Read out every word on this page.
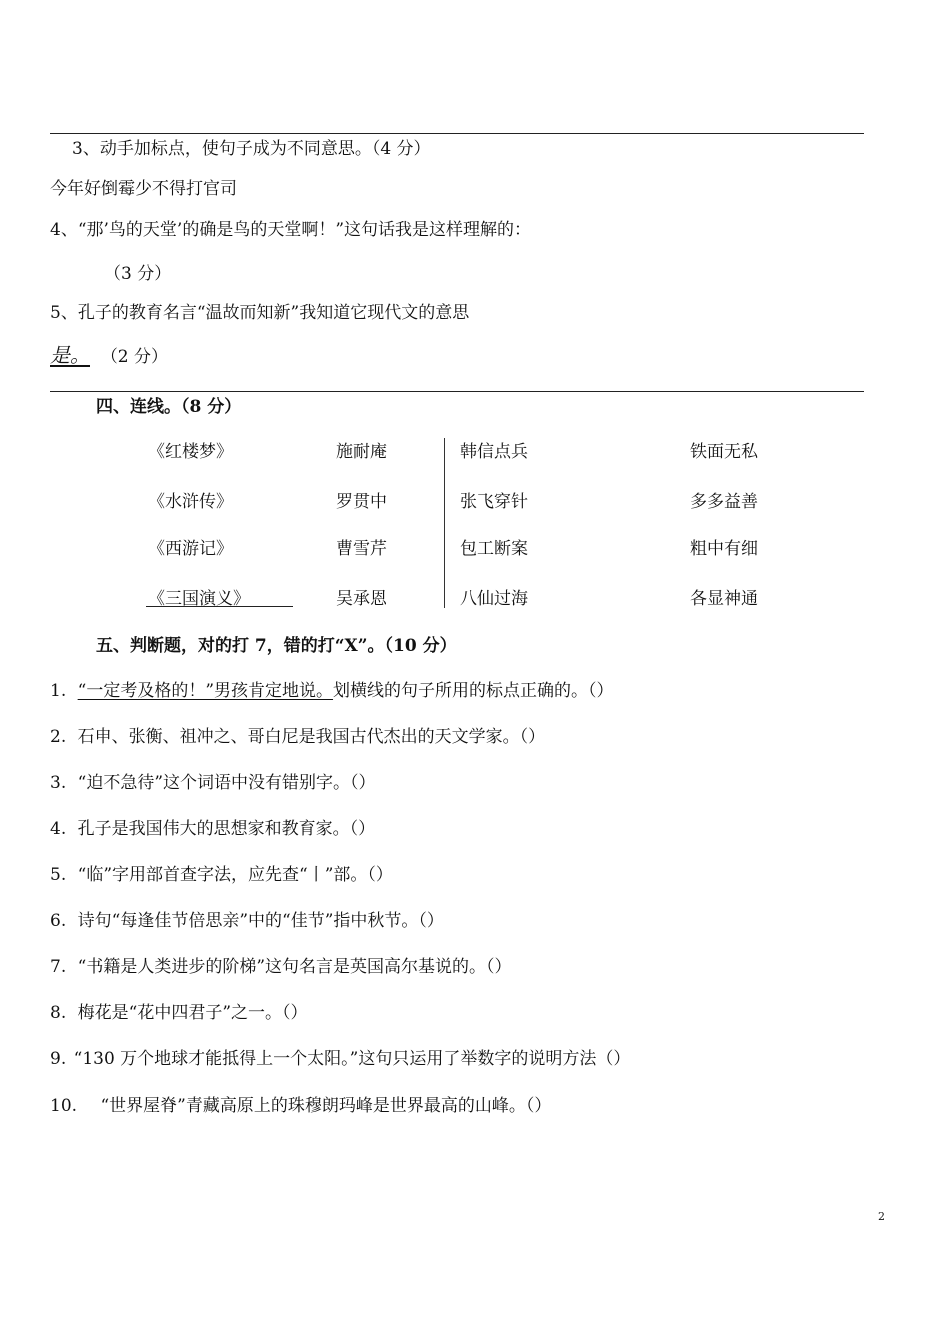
3、动手加标点，使句子成为不同意思。（4 分）
今年好倒霉少不得打官司
4、“那’鸟的天堂’的确是鸟的天堂啊！”这句话我是这样理解的：
（3 分）
5、孔子的教育名言“温故而知新”我知道它现代文的意思
是。 （2 分）
四、连线。（8 分）
《红楼梦》
《水浒传》
《西游记》
《三国演义》
施耐庵
罗贯中
曹雪芹
吴承恩
韩信点兵
张飞穿针
包工断案
八仙过海
铁面无私
多多益善
粗中有细
各显神通
五、判断题，对的打 7，错的打“X”。（10 分）
1. “一定考及格的！”男孩肯定地说。划横线的句子所用的标点正确的。（）
2. 石申、张衡、祖冲之、哥白尼是我国古代杰出的天文学家。（）
3. “迫不急待”这个词语中没有错别字。（）
4. 孔子是我国伟大的思想家和教育家。（）
5. “临”字用部首查字法，应先查“丨”部。（）
6. 诗句“每逢佳节倍思亲”中的“佳节”指中秋节。（）
7. “书籍是人类进步的阶梯”这句名言是英国高尔基说的。（）
8. 梅花是“花中四君子”之一。（）
9. “130 万个地球才能抵得上一个太阳。”这句只运用了举数字的说明方法（）
10. “世界屋脊”青藏高原上的珠穆朗玛峰是世界最高的山峰。（）
2
